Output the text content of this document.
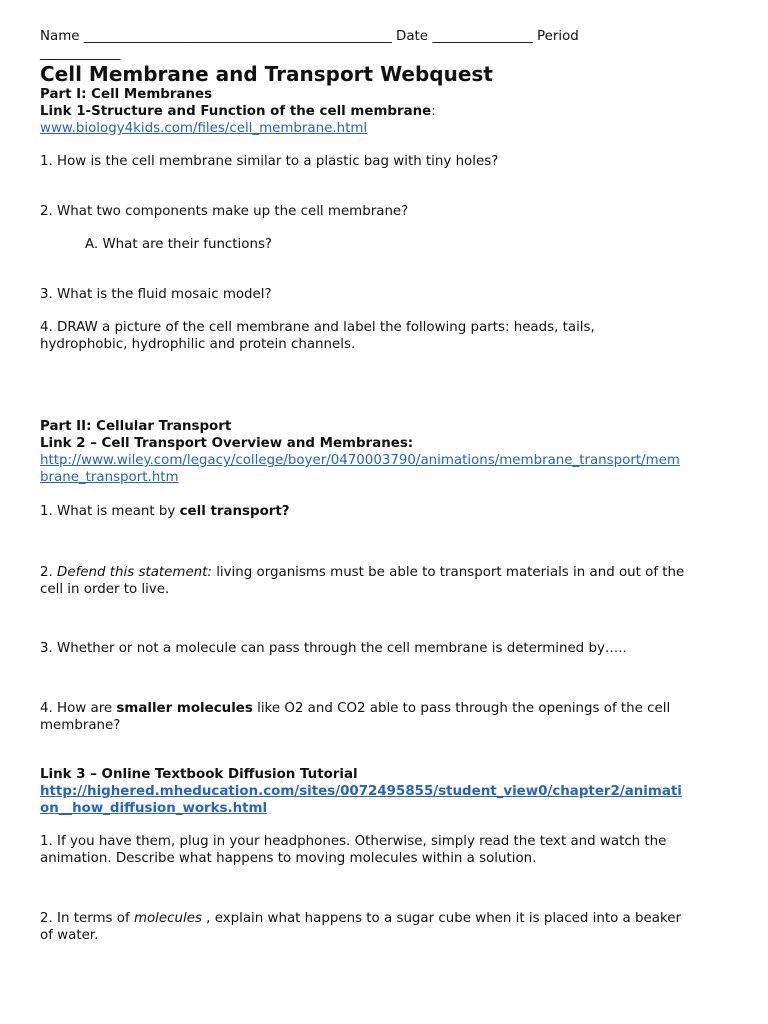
Name ______________________________________________ Date _______________ Period
____________
Cell Membrane and Transport Webquest
Part I: Cell Membranes
Link 1-Structure and Function of the cell membrane:
www.biology4kids.com/files/cell_membrane.html
1. How is the cell membrane similar to a plastic bag with tiny holes?
2. What two components make up the cell membrane?
A. What are their functions?
3. What is the fluid mosaic model?
4. DRAW a picture of the cell membrane and label the following parts: heads, tails,
hydrophobic, hydrophilic and protein channels.
Part II: Cellular Transport
Link 2 – Cell Transport Overview and Membranes:
http://www.wiley.com/legacy/college/boyer/0470003790/animations/membrane_transport/mem
brane_transport.htm
1. What is meant by cell transport?
2. Defend this statement: living organisms must be able to transport materials in and out of the
cell in order to live.
3. Whether or not a molecule can pass through the cell membrane is determined by…..
4. How are smaller molecules like O2 and CO2 able to pass through the openings of the cell
membrane?
Link 3 – Online Textbook Diffusion Tutorial
http://highered.mheducation.com/sites/0072495855/student_view0/chapter2/animati
on__how_diffusion_works.html
1. If you have them, plug in your headphones. Otherwise, simply read the text and watch the
animation. Describe what happens to moving molecules within a solution.
2. In terms of molecules , explain what happens to a sugar cube when it is placed into a beaker
of water.
